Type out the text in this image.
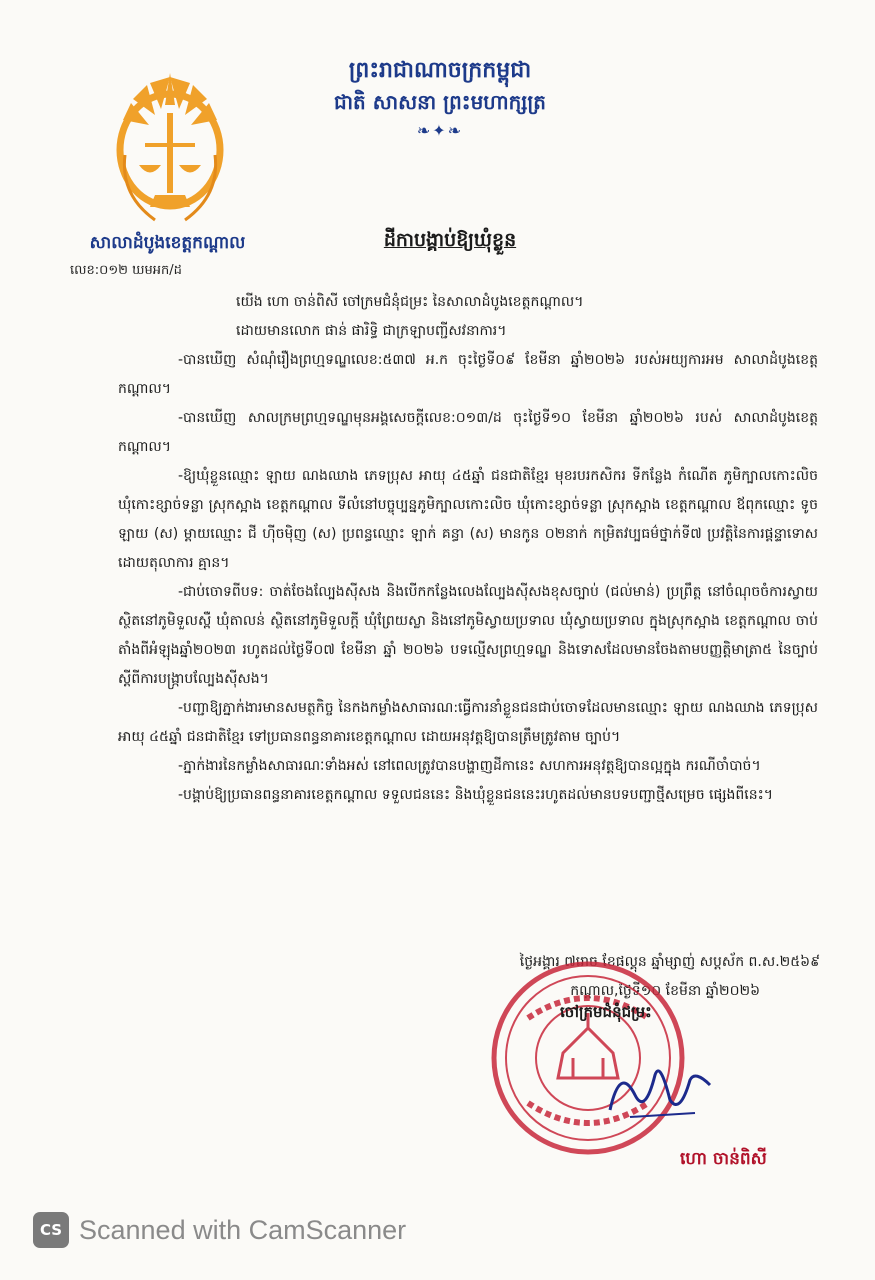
សាលាដំបូងខេត្តកណ្ដាល
លេខ:០១២ ឃមអក/ដ
ព្រះរាជាណាចក្រកម្ពុជា
ជាតិ សាសនា ព្រះមហាក្សត្រ
❧✦❧
ដីកាបង្គាប់ឱ្យឃុំខ្លួន

យើង ហោ ចាន់ពិសី ចៅក្រមជំនុំជម្រះ នៃសាលាដំបូងខេត្តកណ្ដាល។

ដោយមានលោក ផាន់ ផារិទ្ធិ ជាក្រឡាបញ្ជីសវនាការ។

-បានឃើញ សំណុំរឿងព្រហ្មទណ្ឌលេខ:៥៣៧ អ.ក ចុះថ្ងៃទី០៩ ខែមីនា ឆ្នាំ២០២៦ របស់អយ្យការអម សាលាដំបូងខេត្តកណ្ដាល។

-បានឃើញ សាលក្រមព្រហ្មទណ្ឌមុនអង្គសេចក្ដីលេខ:០១៣/ដ ចុះថ្ងៃទី១០ ខែមីនា ឆ្នាំ២០២៦ របស់ សាលាដំបូងខេត្តកណ្ដាល។

-ឱ្យឃុំខ្លួនឈ្មោះ ឡាយ ណងឈាង ភេទប្រុស អាយុ ៤៥ឆ្នាំ ជនជាតិខ្មែរ មុខរបរកសិករ ទីកន្លែង កំណើត ភូមិក្បាលកោះលិច ឃុំកោះខ្សាច់ទន្លា ស្រុកស្អាង ខេត្តកណ្ដាល ទីលំនៅបច្ចុប្បន្នភូមិក្បាលកោះលិច ឃុំកោះខ្សាច់ទន្លា ស្រុកស្អាង ខេត្តកណ្ដាល ឪពុកឈ្មោះ ទូច ឡាយ (ស) ម្ដាយឈ្មោះ ជី ហ៊ីចមុិញ (ស) ប្រពន្ធឈ្មោះ ឡាក់ គន្ធា (ស) មានកូន ០២នាក់ កម្រិតវប្បធម៌ថ្នាក់ទី៧ ប្រវត្តិនៃការផ្ដន្ទាទោសដោយតុលាការ គ្មាន។

-ជាប់ចោទពីបទ: ចាត់ចែងល្បែងស៊ីសង និងបើកកន្លែងលេងល្បែងស៊ីសងខុសច្បាប់ (ជល់មាន់) ប្រព្រឹត្ត នៅចំណុចចំការស្វាយ ស្ថិតនៅភូមិទួលស្ពឺ ឃុំតាលន់ ស្ថិតនៅភូមិទួលក្ដី ឃុំព្រែយស្លា និងនៅភូមិស្វាយប្រទាល ឃុំស្វាយប្រទាល ក្នុងស្រុកស្អាង ខេត្តកណ្ដាល ចាប់តាំងពីអំឡុងឆ្នាំ២០២៣ រហូតដល់ថ្ងៃទី០៧ ខែមីនា ឆ្នាំ ២០២៦ បទល្មើសព្រហ្មទណ្ឌ និងទោសដែលមានចែងតាមបញ្ញត្តិមាត្រា៥ នៃច្បាប់ស្ដីពីការបង្ក្រាបល្បែងស៊ីសង។

-បញ្ជាឱ្យភ្នាក់ងារមានសមត្ថកិច្ច នៃកងកម្លាំងសាធារណ:ធ្វើការនាំខ្លួនជនជាប់ចោទដែលមានឈ្មោះ ឡាយ ណងឈាង ភេទប្រុស អាយុ ៤៥ឆ្នាំ ជនជាតិខ្មែរ ទៅប្រធានពន្ធនាគារខេត្តកណ្ដាល ដោយអនុវត្តឱ្យបានត្រឹមត្រូវតាម ច្បាប់។

-ភ្នាក់ងារនៃកម្លាំងសាធារណៈទាំងអស់ នៅពេលត្រូវបានបង្ហាញដីកានេះ សហការអនុវត្តឱ្យបានល្អក្នុង ករណីចាំបាច់។

-បង្គាប់ឱ្យប្រធានពន្ធនាគារខេត្តកណ្ដាល ទទួលជននេះ និងឃុំខ្លួនជននេះរហូតដល់មានបទបញ្ជាថ្មីសម្រេច ផ្សេងពីនេះ។

ថ្ងៃអង្គារ ៧រោច ខែផល្គុន ឆ្នាំម្សាញ់ សប្ដស័ក ព.ស.២៥៦៩
កណ្ដាល,ថ្ងៃទី១០ ខែមីនា ឆ្នាំ២០២៦
ចៅក្រមជំនុំជម្រះ
ហោ ចាន់ពិសី
CS Scanned with CamScanner
